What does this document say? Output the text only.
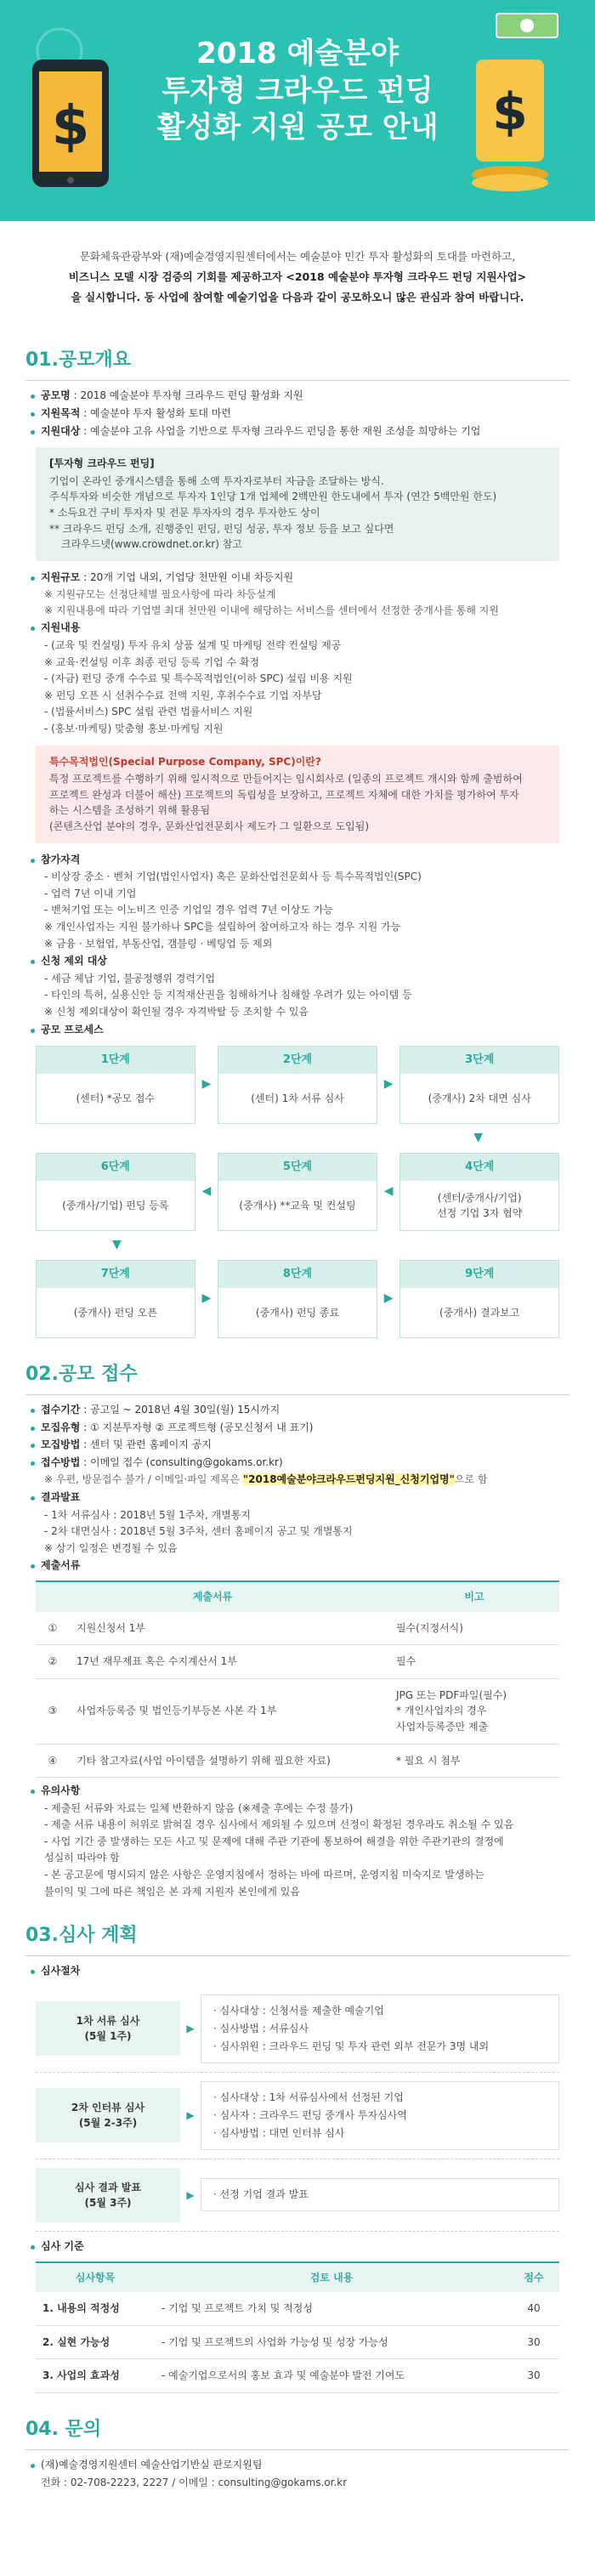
$	$
2018 예술분야
투자형 크라우드 펀딩
활성화 지원 공모 안내
문화체육관광부와 (재)예술경영지원센터에서는 예술분야 민간 투자 활성화의 토대를 마련하고,
비즈니스 모델 시장 검증의 기회를 제공하고자 <2018 예술분야 투자형 크라우드 펀딩 지원사업>
을 실시합니다. 동 사업에 참여할 예술기업을 다음과 같이 공모하오니 많은 관심과 참여 바랍니다.
01.공모개요
공모명 : 2018 예술분야 투자형 크라우드 펀딩 활성화 지원
지원목적 : 예술분야 투자 활성화 토대 마련
지원대상 : 예술분야 고유 사업을 기반으로 투자형 크라우드 펀딩을 통한 재원 조성을 희망하는 기업
[투자형 크라우드 펀딩]

기업이 온라인 중개시스템을 통해 소액 투자자로부터 자금을 조달하는 방식.

주식투자와 비슷한 개념으로 투자자 1인당 1개 업체에 2백만원 한도내에서 투자 (연간 5백만원 한도)

* 소득요건 구비 투자자 및 전문 투자자의 경우 투자한도 상이

** 크라우드 펀딩 소개, 진행중인 펀딩, 펀딩 성공, 투자 정보 등을 보고 싶다면

크라우드넷(www.crowdnet.or.kr) 참고

지원규모 : 20개 기업 내외, 기업당 천만원 이내 차등지원
※ 지원규모는 선정단체별 필요사항에 따라 차등설계
※ 지원내용에 따라 기업별 최대 천만원 이내에 해당하는 서비스를 센터에서 선정한 중개사를 통해 지원
지원내용
- (교육 및 컨설팅) 투자 유치 상품 설계 및 마케팅 전략 컨설팅 제공
※ 교육·컨설팅 이후 최종 펀딩 등록 기업 수 확정
- (자금) 펀딩 중개 수수료 및 특수목적법인(이하 SPC) 설립 비용 지원
※ 펀딩 오픈 시 선취수수료 전액 지원, 후취수수료 기업 자부담
- (법률서비스) SPC 설립 관련 법률서비스 지원
- (홍보·마케팅) 맞춤형 홍보·마케팅 지원
특수목적법인(Special Purpose Company, SPC)이란?

특정 프로젝트를 수행하기 위해 일시적으로 만들어지는 임시회사로 (일종의 프로젝트 개시와 함께 출범하여

프로젝트 완성과 더불어 해산) 프로젝트의 독립성을 보장하고, 프로젝트 자체에 대한 가치를 평가하여 투자

하는 시스템을 조성하기 위해 활용됨

(콘텐츠산업 분야의 경우, 문화산업전문회사 제도가 그 일환으로 도입됨)

참가자격
- 비상장 중소 · 벤처 기업(법인사업자) 혹은 문화산업전문회사 등 특수목적법인(SPC)
- 업력 7년 이내 기업
- 벤처기업 또는 이노비즈 인증 기업일 경우 업력 7년 이상도 가능
※ 개인사업자는 지원 불가하나 SPC를 설립하여 참여하고자 하는 경우 지원 가능
※ 금융 · 보험업, 부동산업, 갬블링 · 베팅업 등 제외
신청 제외 대상
- 세금 체납 기업, 불공정행위 경력기업
- 타인의 특허, 실용신안 등 지적재산권을 침해하거나 침해할 우려가 있는 아이템 등
※ 신청 제외대상이 확인될 경우 자격박탈 등 조치할 수 있음
공모 프로세스
1단계
(센터) *공모 접수
▶
2단계
(센터) 1차 서류 심사
▶
3단계
(중개사) 2차 대면 심사
▼
6단계
(중개사/기업) 펀딩 등록
◀
5단계
(중개사) **교육 및 컨설팅
◀
4단계
(센터/중개사/기업)
선정 기업 3자 협약
▼
7단계
(중개사) 펀딩 오픈
▶
8단계
(중개사) 펀딩 종료
▶
9단계
(중개사) 결과보고
02.공모 접수
접수기간 : 공고일 ~ 2018년 4월 30일(월) 15시까지
모집유형 : ① 지분투자형 ② 프로젝트형 (공모신청서 내 표기)
모집방법 : 센터 및 관련 홈페이지 공지
접수방법 : 이메일 접수 (consulting@gokams.or.kr)
※ 우편, 방문접수 불가 / 이메일·파일 제목은 "2018예술분야크라우드펀딩지원_신청기업명"으로 함
결과발표
- 1차 서류심사 : 2018년 5월 1주차, 개별통지
- 2차 대면심사 : 2018년 5월 3주차, 센터 홈페이지 공고 및 개별통지
※ 상기 일정은 변경될 수 있음
제출서류
제출서류		비고
①	지원신청서 1부	필수(지정서식)
②	17년 재무제표 혹은 수지계산서 1부	필수
③	사업자등록증 및 법인등기부등본 사본 각 1부	JPG 또는 PDF파일(필수)
* 개인사업자의 경우
사업자등록증만 제출
④	기타 참고자료(사업 아이템을 설명하기 위해 필요한 자료)	* 필요 시 첨부
유의사항
- 제출된 서류와 자료는 일체 반환하지 않음 (※제출 후에는 수정 불가)
- 제출 서류 내용이 허위로 밝혀질 경우 심사에서 제외될 수 있으며 선정이 확정된 경우라도 취소될 수 있음
- 사업 기간 중 발생하는 모든 사고 및 문제에 대해 주관 기관에 통보하여 해결을 위한 주관기관의 결정에
성실히 따라야 함
- 본 공고문에 명시되지 않은 사항은 운영지침에서 정하는 바에 따르며, 운영지침 미숙지로 발생하는
불이익 및 그에 따른 책임은 본 과제 지원자 본인에게 있음
03.심사 계획
심사절차
1차 서류 심사
(5월 1주)
▶
· 심사대상 : 신청서를 제출한 예술기업
· 심사방법 : 서류심사
· 심사위원 : 크라우드 펀딩 및 투자 관련 외부 전문가 3명 내외
2차 인터뷰 심사
(5월 2-3주)
▶
· 심사대상 : 1차 서류심사에서 선정된 기업
· 심사자 : 크라우드 펀딩 중개사 투자심사역
· 심사방법 : 대면 인터뷰 심사
심사 결과 발표
(5월 3주)
▶	· 선정 기업 결과 발표
심사 기준
심사항목	검토 내용	점수
1. 내용의 적정성	- 기업 및 프로젝트 가치 및 적정성	40
2. 실현 가능성	- 기업 및 프로젝트의 사업화 가능성 및 성장 가능성	30
3. 사업의 효과성	- 예술기업으로서의 홍보 효과 및 예술분야 발전 기여도	30
04. 문의
(재)예술경영지원센터 예술산업기반실 판로지원팀

전화 : 02-708-2223, 2227 / 이메일 : consulting@gokams.or.kr
